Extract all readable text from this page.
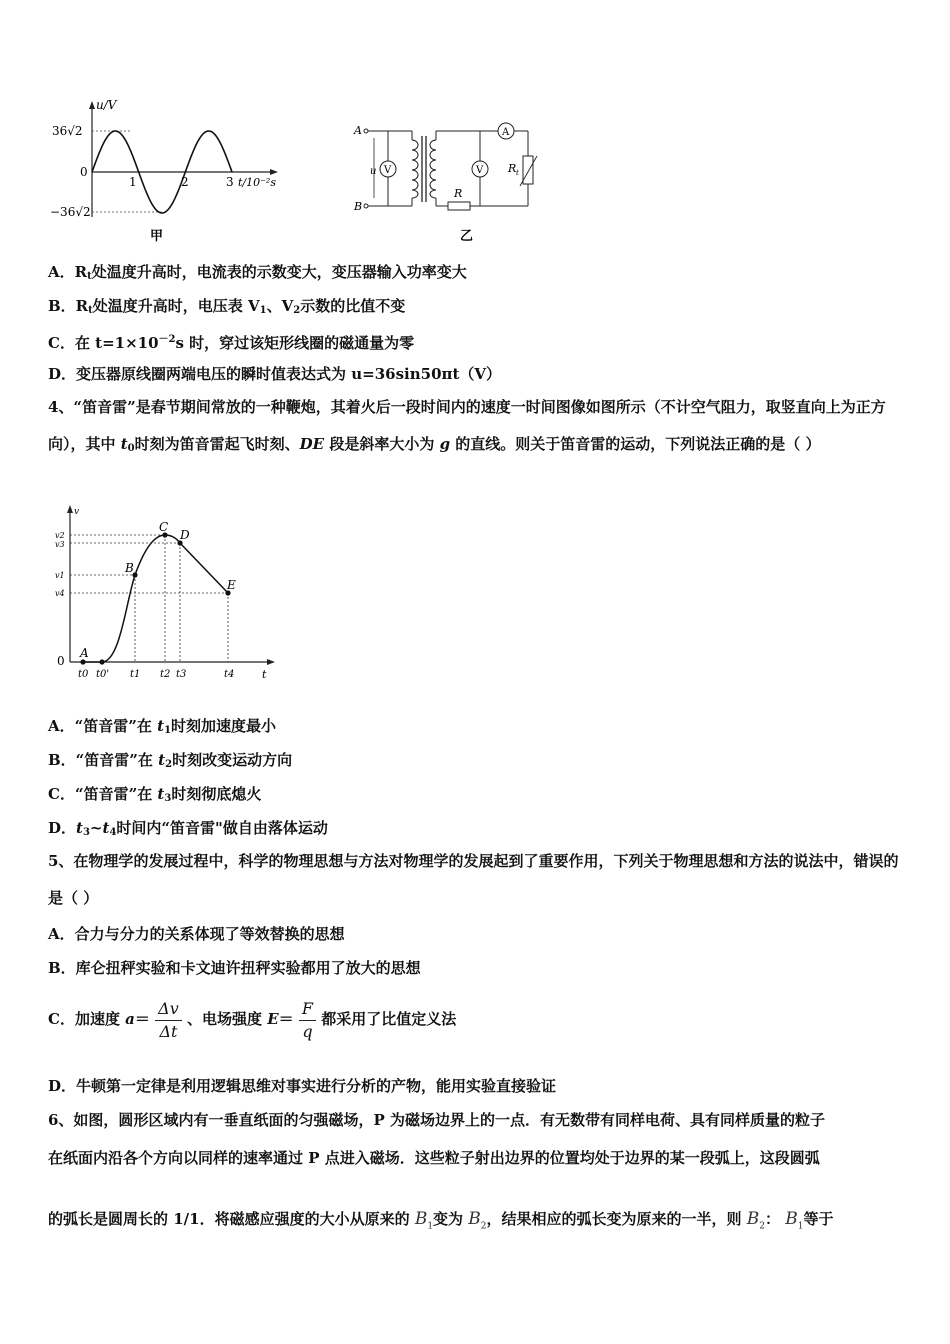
u/V
36√2
0
−36√2
1	2	3 t/10⁻²s
甲
A
B
u V
A
R t
V
R
乙
A．$R_t$处温度升高时，电流表的示数变大，变压器输入功率变大
B．$R_t$处温度升高时，电压表 $V_1$、$V_2$示数的比值不变
C．在 $t=1\times 10^{-2}s$ 时，穿过该矩形线圈的磁通量为零
D．变压器原线圈两端电压的瞬时值表达式为 u=36sin50πt（V）
4、“笛音雷”是春节期间常放的一种鞭炮，其着火后一段时间内的速度一时间图像如图所示（不计空气阻力，取竖直向上为正方向），其中 $t_0$时刻为笛音雷起飞时刻、DE 段是斜率大小为 g 的直线。则关于笛音雷的运动，下列说法正确的是（ ）
v
t
0
A
B
C
D
E
v2
v3
v1
v4
t0 t0' t1 t2 t3	t4
A．“笛音雷”在 $t_1$时刻加速度最小
B．“笛音雷”在 $t_2$时刻改变运动方向
C．“笛音雷”在 $t_3$时刻彻底熄火
D．$t_3\sim t_4$时间内“笛音雷"做自由落体运动
5、在物理学的发展过程中，科学的物理思想与方法对物理学的发展起到了重要作用，下列关于物理思想和方法的说法中，错误的是（ ）
A．合力与分力的关系体现了等效替换的思想
B．库仑扭秤实验和卡文迪许扭秤实验都用了放大的思想
C．加速度 $a= \frac{\Delta v}{\Delta t}$ 、电场强度 $E= \frac{F}{q}$ 都采用了比值定义法
D．牛顿第一定律是利用逻辑思维对事实进行分析的产物，能用实验直接验证
6、如图，圆形区域内有一垂直纸面的匀强磁场，P 为磁场边界上的一点．有无数带有同样电荷、具有同样质量的粒子
在纸面内沿各个方向以同样的速率通过 P 点进入磁场．这些粒子射出边界的位置均处于边界的某一段弧上，这段圆弧
的弧长是圆周长的 1/1．将磁感应强度的大小从原来的 $B_1$变为 $B_2$，结果相应的弧长变为原来的一半，则 $B_2$： $B_1$等于
